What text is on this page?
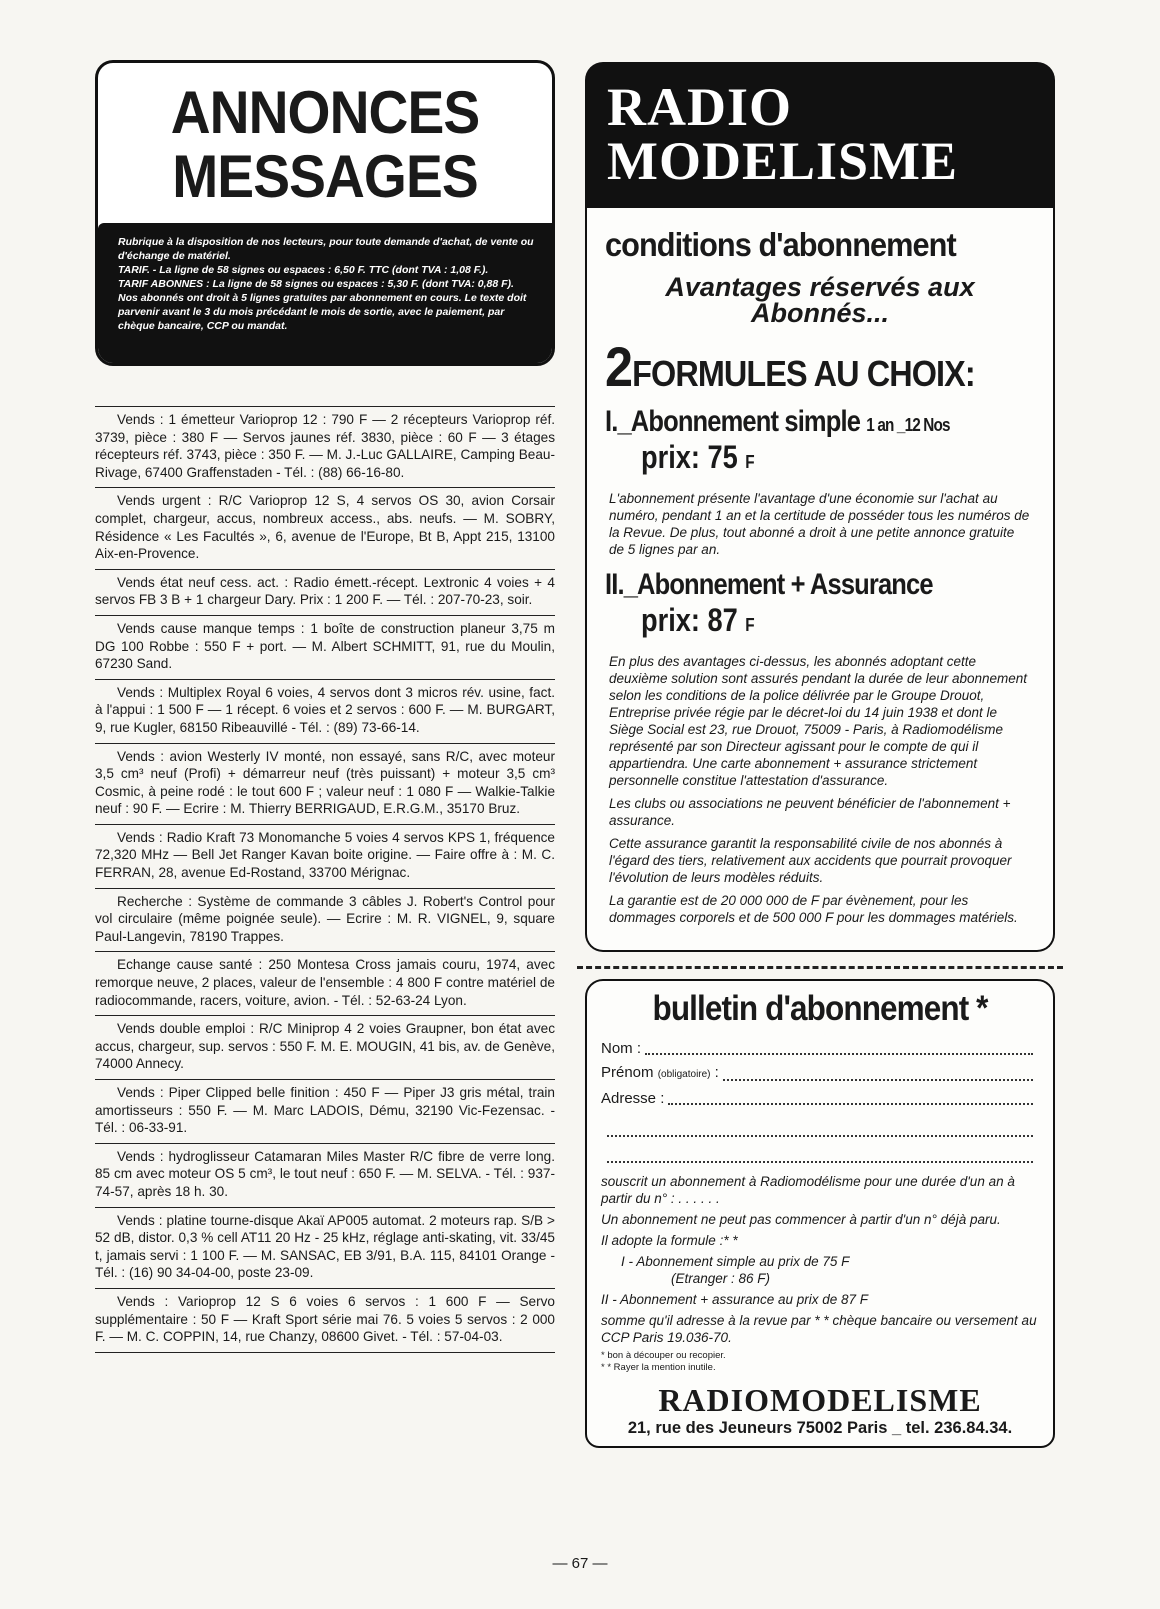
ANNONCES
MESSAGES

Rubrique à la disposition de nos lecteurs, pour toute demande d'achat, de vente ou d'échange de matériel.

TARIF. - La ligne de 58 signes ou espaces : 6,50 F. TTC (dont TVA : 1,08 F.).

TARIF ABONNES : La ligne de 58 signes ou espaces : 5,30 F. (dont TVA: 0,88 F).

Nos abonnés ont droit à 5 lignes gratuites par abonnement en cours. Le texte doit parvenir avant le 3 du mois précédant le mois de sortie, avec le paiement, par chèque bancaire, CCP ou mandat.

Vends : 1 émetteur Varioprop 12 : 790 F — 2 récepteurs Varioprop réf. 3739, pièce : 380 F — Servos jaunes réf. 3830, pièce : 60 F — 3 étages récepteurs réf. 3743, pièce : 350 F. — M. J.-Luc GALLAIRE, Camping Beau-Rivage, 67400 Graffenstaden - Tél. : (88) 66-16-80.
Vends urgent : R/C Varioprop 12 S, 4 servos OS 30, avion Corsair complet, chargeur, accus, nombreux access., abs. neufs. — M. SOBRY, Résidence « Les Facultés », 6, avenue de l'Europe, Bt B, Appt 215, 13100 Aix-en-Provence.
Vends état neuf cess. act. : Radio émett.-récept. Lextronic 4 voies + 4 servos FB 3 B + 1 chargeur Dary. Prix : 1 200 F. — Tél. : 207-70-23, soir.
Vends cause manque temps : 1 boîte de construction planeur 3,75 m DG 100 Robbe : 550 F + port. — M. Albert SCHMITT, 91, rue du Moulin, 67230 Sand.
Vends : Multiplex Royal 6 voies, 4 servos dont 3 micros rév. usine, fact. à l'appui : 1 500 F — 1 récept. 6 voies et 2 servos : 600 F. — M. BURGART, 9, rue Kugler, 68150 Ribeauvillé - Tél. : (89) 73-66-14.
Vends : avion Westerly IV monté, non essayé, sans R/C, avec moteur 3,5 cm³ neuf (Profi) + démarreur neuf (très puissant) + moteur 3,5 cm³ Cosmic, à peine rodé : le tout 600 F ; valeur neuf : 1 080 F — Walkie-Talkie neuf : 90 F. — Ecrire : M. Thierry BERRIGAUD, E.R.G.M., 35170 Bruz.
Vends : Radio Kraft 73 Monomanche 5 voies 4 servos KPS 1, fréquence 72,320 MHz — Bell Jet Ranger Kavan boite origine. — Faire offre à : M. C. FERRAN, 28, avenue Ed-Rostand, 33700 Mérignac.
Recherche : Système de commande 3 câbles J. Robert's Control pour vol circulaire (même poignée seule). — Ecrire : M. R. VIGNEL, 9, square Paul-Langevin, 78190 Trappes.
Echange cause santé : 250 Montesa Cross jamais couru, 1974, avec remorque neuve, 2 places, valeur de l'ensemble : 4 800 F contre matériel de radiocommande, racers, voiture, avion. - Tél. : 52-63-24 Lyon.
Vends double emploi : R/C Miniprop 4 2 voies Graupner, bon état avec accus, chargeur, sup. servos : 550 F. M. E. MOUGIN, 41 bis, av. de Genève, 74000 Annecy.
Vends : Piper Clipped belle finition : 450 F — Piper J3 gris métal, train amortisseurs : 550 F. — M. Marc LADOIS, Dému, 32190 Vic-Fezensac. - Tél. : 06-33-91.
Vends : hydroglisseur Catamaran Miles Master R/C fibre de verre long. 85 cm avec moteur OS 5 cm³, le tout neuf : 650 F. — M. SELVA. - Tél. : 937-74-57, après 18 h. 30.
Vends : platine tourne-disque Akaï AP005 automat. 2 moteurs rap. S/B > 52 dB, distor. 0,3 % cell AT11 20 Hz - 25 kHz, réglage anti-skating, vit. 33/45 t, jamais servi : 1 100 F. — M. SANSAC, EB 3/91, B.A. 115, 84101 Orange - Tél. : (16) 90 34-04-00, poste 23-09.
Vends : Varioprop 12 S 6 voies 6 servos : 1 600 F — Servo supplémentaire : 50 F — Kraft Sport série mai 76. 5 voies 5 servos : 2 000 F. — M. C. COPPIN, 14, rue Chanzy, 08600 Givet. - Tél. : 57-04-03.
RADIO
MODELISME
conditions d'abonnement
Avantages réservés aux
Abonnés...
2FORMULES AU CHOIX:
I._Abonnement simple 1 an _12 Nos
prix: 75 F

L'abonnement présente l'avantage d'une économie sur l'achat au numéro, pendant 1 an et la certitude de posséder tous les numéros de la Revue. De plus, tout abonné a droit à une petite annonce gratuite de 5 lignes par an.

II._Abonnement + Assurance
prix: 87 F

En plus des avantages ci-dessus, les abonnés adoptant cette deuxième solution sont assurés pendant la durée de leur abonnement selon les conditions de la police délivrée par le Groupe Drouot, Entreprise privée régie par le décret-loi du 14 juin 1938 et dont le Siège Social est 23, rue Drouot, 75009 - Paris, à Radiomodélisme représenté par son Directeur agissant pour le compte de qui il appartiendra. Une carte abonnement + assurance strictement personnelle constitue l'attestation d'assurance.

Les clubs ou associations ne peuvent bénéficier de l'abonnement + assurance.

Cette assurance garantit la responsabilité civile de nos abonnés à l'égard des tiers, relativement aux accidents que pourrait provoquer l'évolution de leurs modèles réduits.

La garantie est de 20 000 000 de F par évènement, pour les dommages corporels et de 500 000 F pour les dommages matériels.

bulletin d'abonnement *
Nom :
Prénom (obligatoire) :
Adresse :

souscrit un abonnement à Radiomodélisme pour une durée d'un an à partir du n° : . . . . . .

Un abonnement ne peut pas commencer à partir d'un n° déjà paru.

Il adopte la formule :* *

I - Abonnement simple au prix de 75 F

(Etranger : 86 F)

II - Abonnement + assurance au prix de 87 F

somme qu'il adresse à la revue par * * chèque bancaire ou versement au CCP Paris 19.036-70.

* bon à découper ou recopier.
* * Rayer la mention inutile.
RADIOMODELISME
21, rue des Jeuneurs 75002 Paris _ tel. 236.84.34.
— 67 —
